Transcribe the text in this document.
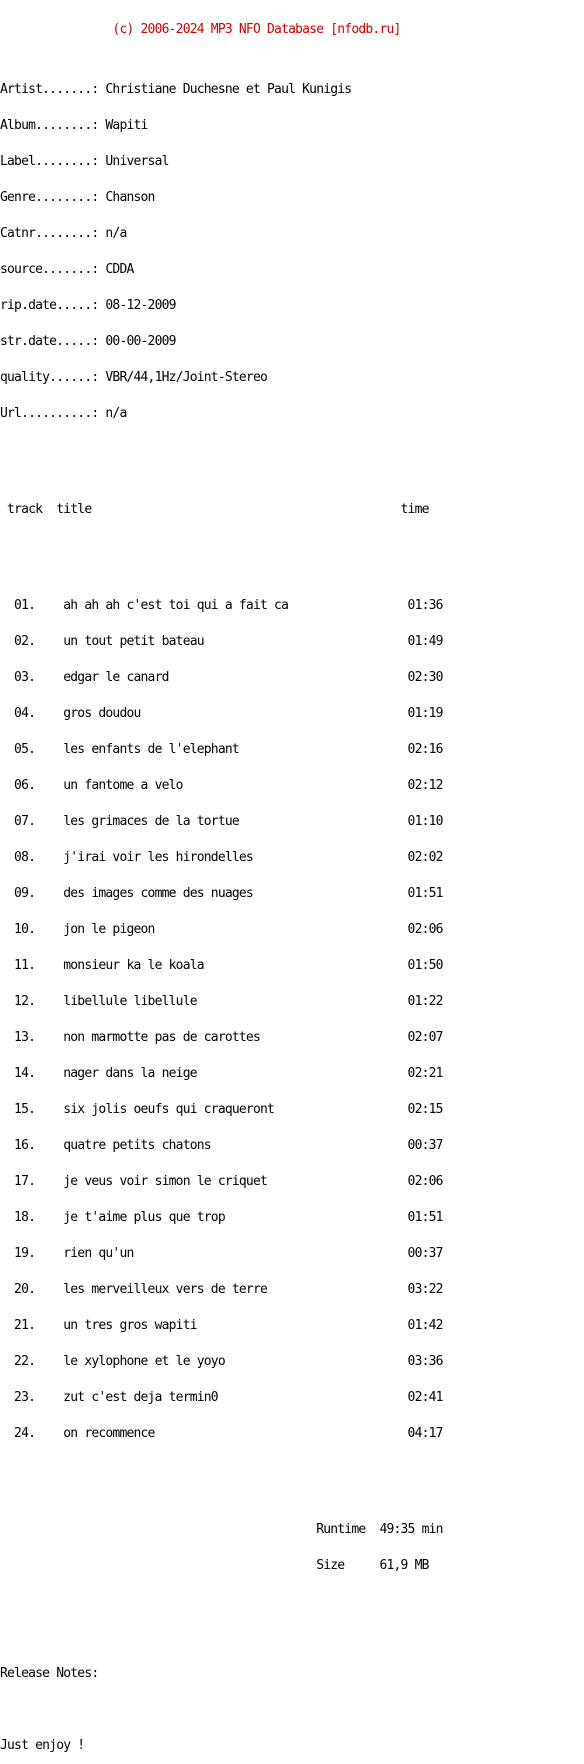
(c) 2006-2024 MP3 NFO Database [nfodb.ru]

Artist.......: Christiane Duchesne et Paul Kunigis

Album........: Wapiti

Label........: Universal

Genre........: Chanson

Catnr........: n/a

source.......: CDDA

rip.date.....: 08-12-2009

str.date.....: 00-00-2009

quality......: VBR/44,1Hz/Joint-Stereo

Url..........: n/a

track  title                                            time

01.    ah ah ah c'est toi qui a fait ca                 01:36

02.    un tout petit bateau                             01:49

03.    edgar le canard                                  02:30

04.    gros doudou                                      01:19

05.    les enfants de l'elephant                        02:16

06.    un fantome a velo                                02:12

07.    les grimaces de la tortue                        01:10

08.    j'irai voir les hirondelles                      02:02

09.    des images comme des nuages                      01:51

10.    jon le pigeon                                    02:06

11.    monsieur ka le koala                             01:50

12.    libellule libellule                              01:22

13.    non marmotte pas de carottes                     02:07

14.    nager dans la neige                              02:21

15.    six jolis oeufs qui craqueront                   02:15

16.    quatre petits chatons                            00:37

17.    je veus voir simon le criquet                    02:06

18.    je t'aime plus que trop                          01:51

19.    rien qu'un                                       00:37

20.    les merveilleux vers de terre                    03:22

21.    un tres gros wapiti                              01:42

22.    le xylophone et le yoyo                          03:36

23.    zut c'est deja termin0                           02:41

24.    on recommence                                    04:17

Runtime  49:35 min

Size     61,9 MB

Release Notes:

Just enjoy !
